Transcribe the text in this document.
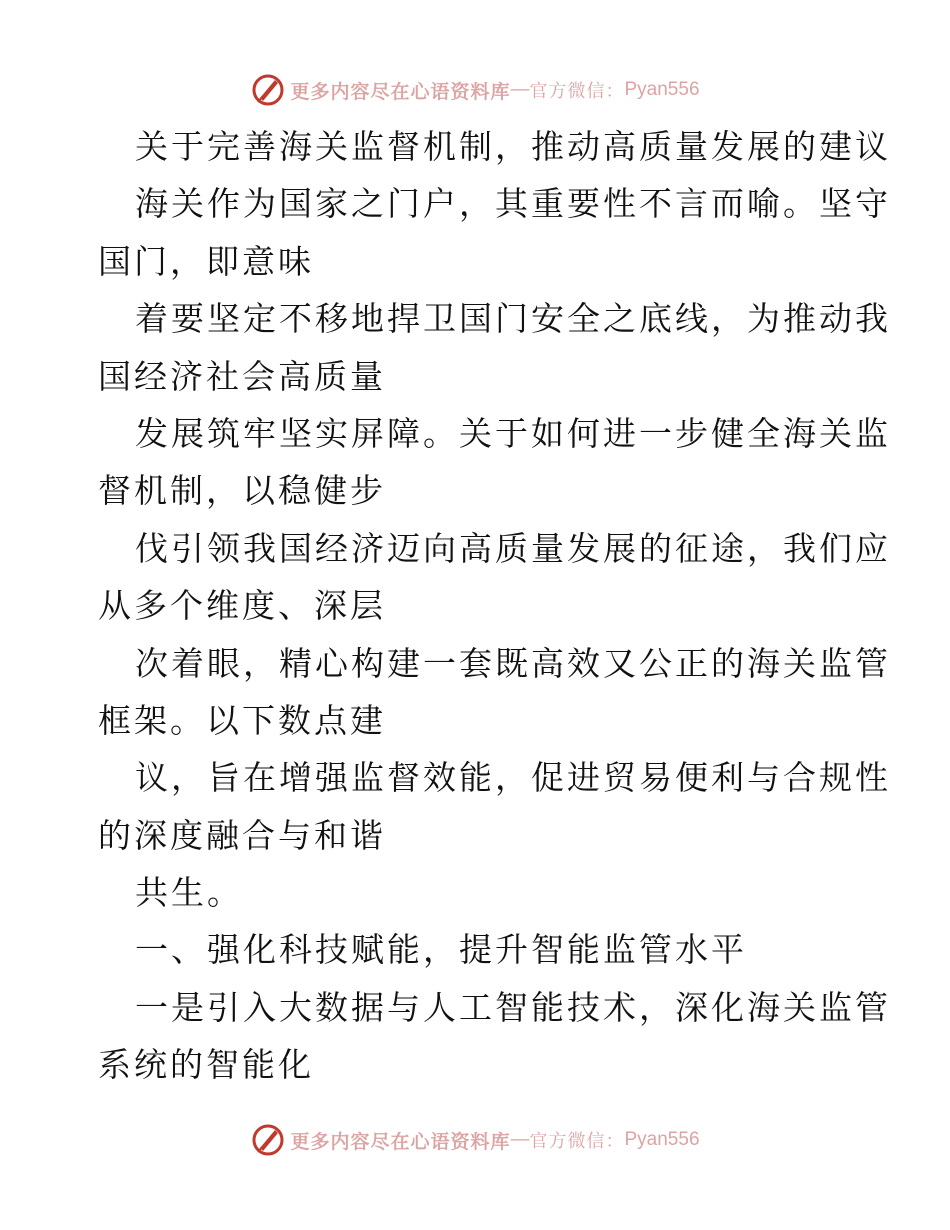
更多内容尽在心语资料库 — 官方微信： Pyan556
关于完善海关监督机制，推动高质量发展的建议
海关作为国家之门户，其重要性不言而喻。坚守
国门，即意味
着要坚定不移地捍卫国门安全之底线，为推动我
国经济社会高质量
发展筑牢坚实屏障。关于如何进一步健全海关监
督机制，以稳健步
伐引领我国经济迈向高质量发展的征途，我们应
从多个维度、深层
次着眼，精心构建一套既高效又公正的海关监管
框架。以下数点建
议，旨在增强监督效能，促进贸易便利与合规性
的深度融合与和谐
共生。
一、强化科技赋能，提升智能监管水平
一是引入大数据与人工智能技术，深化海关监管
系统的智能化
更多内容尽在心语资料库 — 官方微信： Pyan556
